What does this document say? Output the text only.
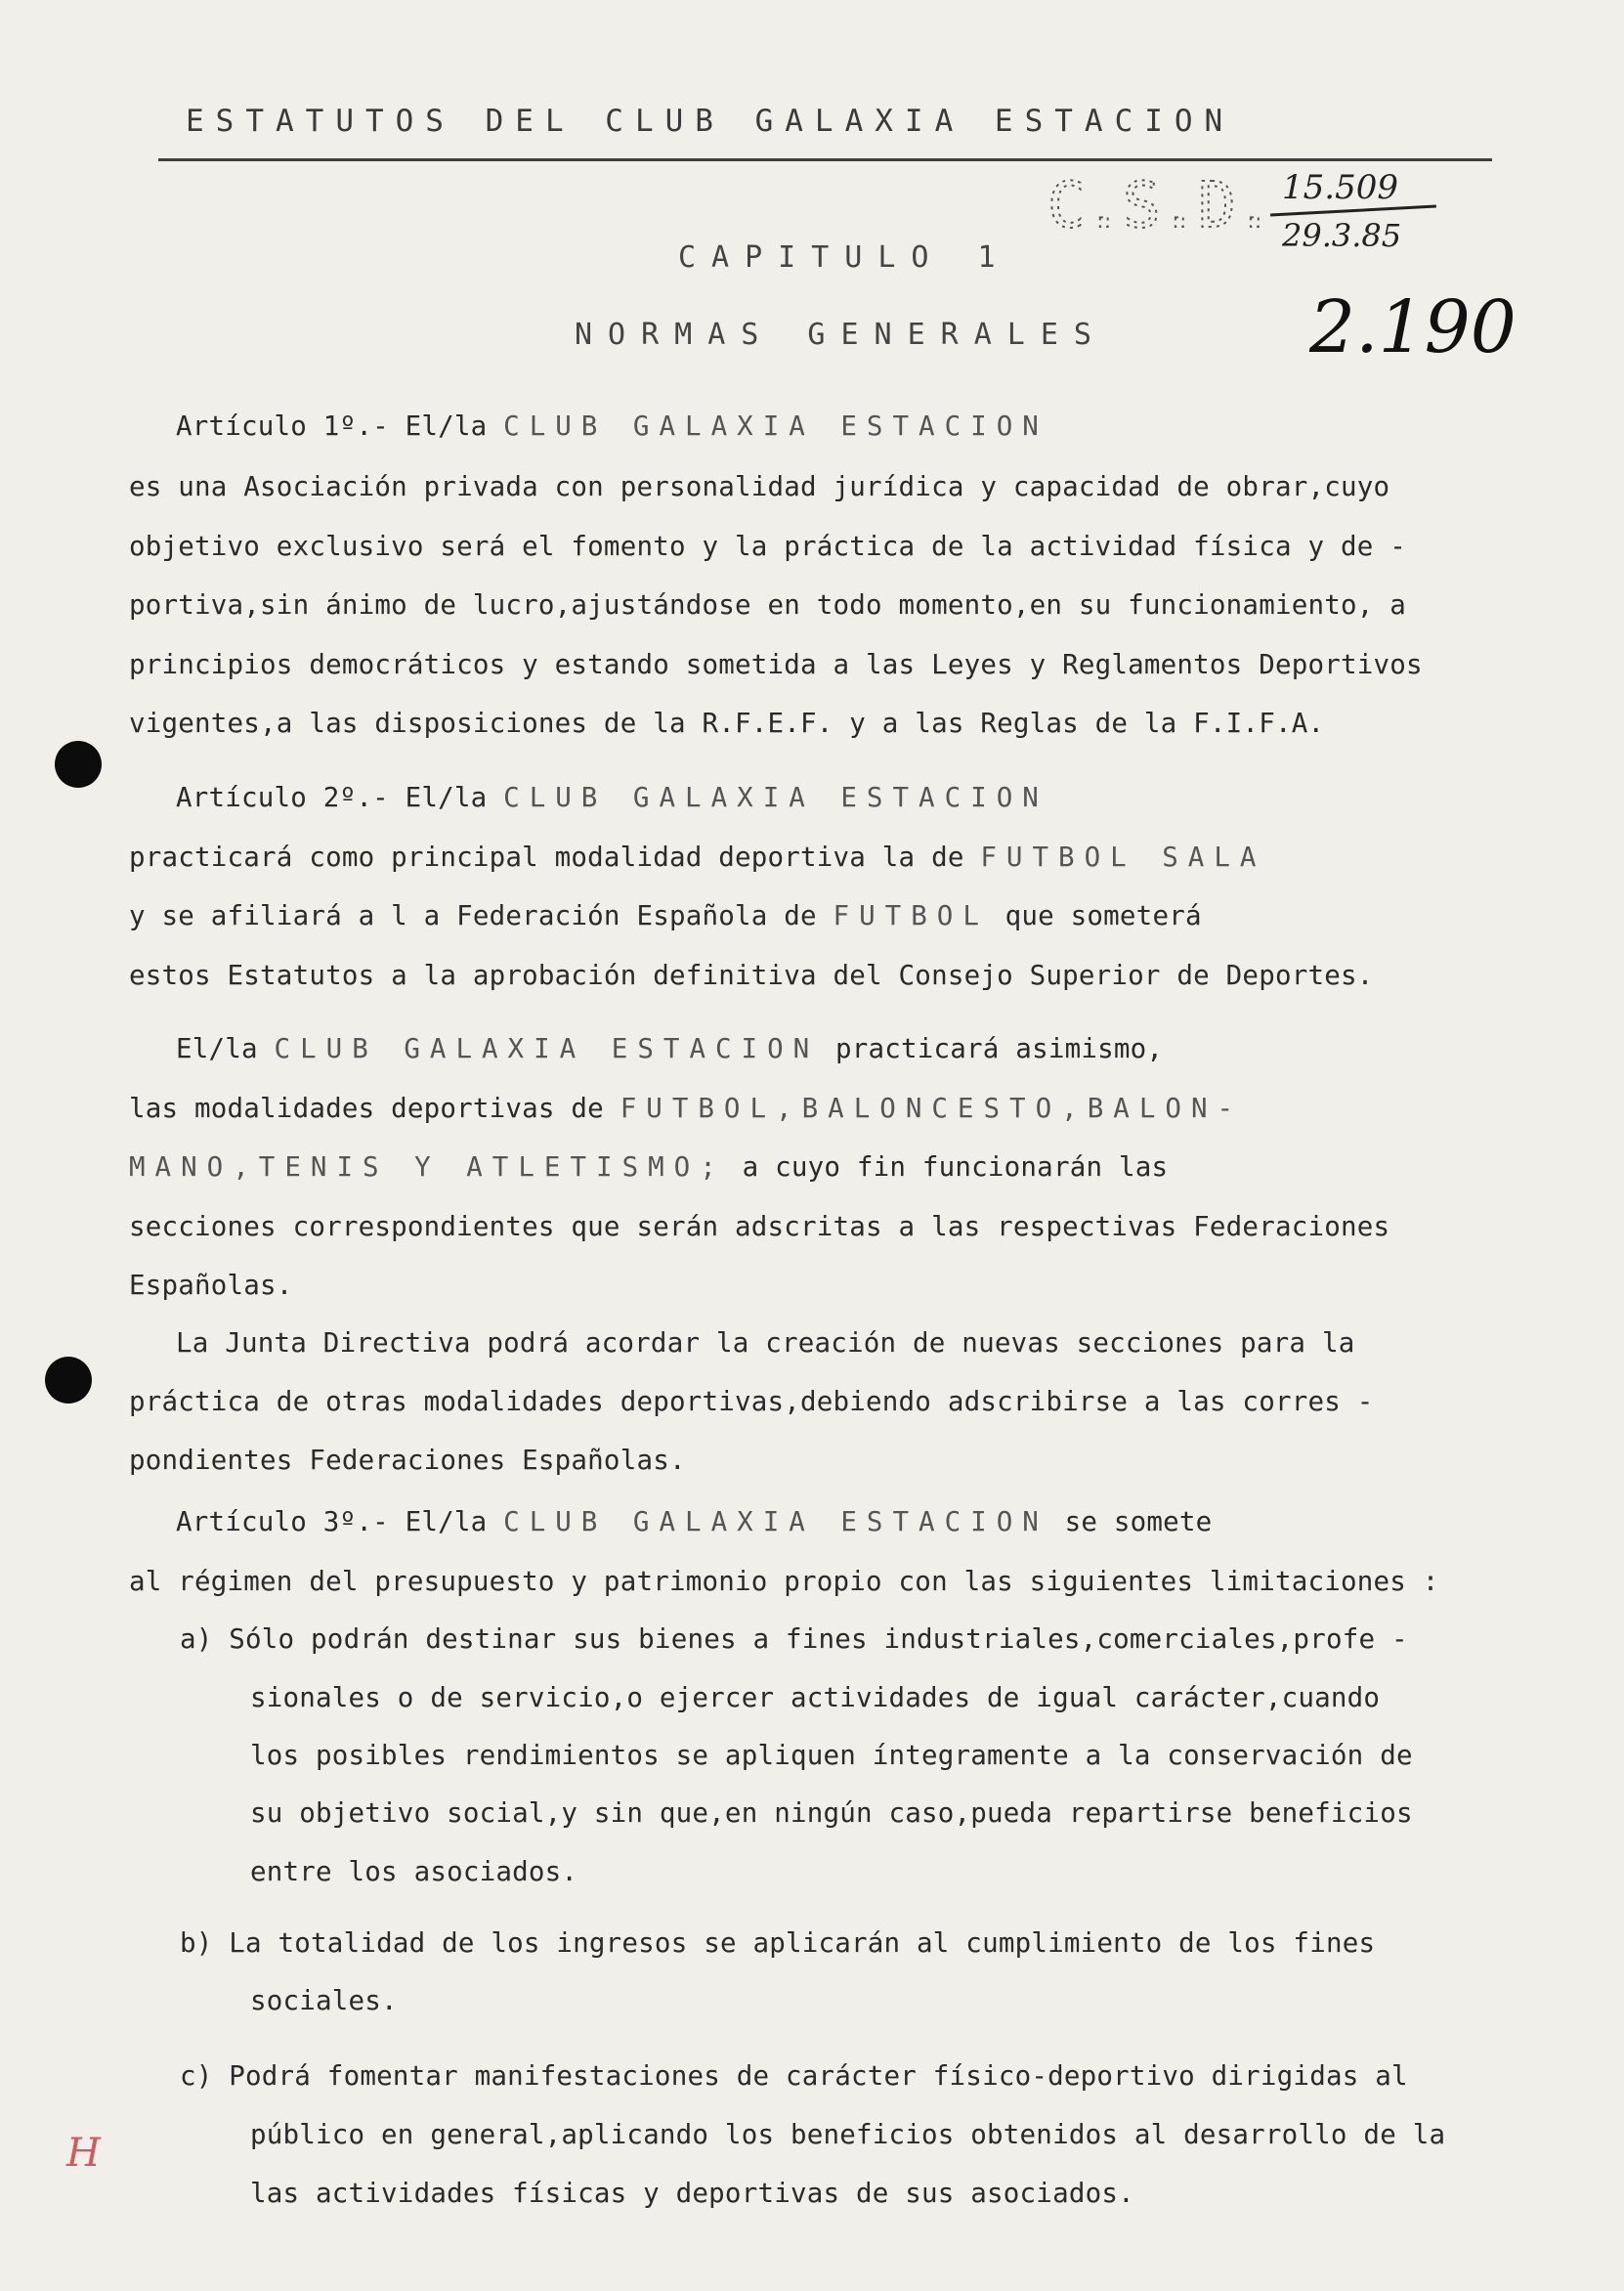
ESTATUTOS DEL CLUB GALAXIA ESTACION
C.S.D. 15.509
29.3.85
2.190
CAPITULO 1
NORMAS GENERALES
Artículo 1º.- El/la CLUB GALAXIA ESTACION
es una Asociación privada con personalidad jurídica y capacidad de obrar,cuyo
objetivo exclusivo será el fomento y la práctica de la actividad física y de -
portiva,sin ánimo de lucro,ajustándose en todo momento,en su funcionamiento, a
principios democráticos y estando sometida a las Leyes y Reglamentos Deportivos
vigentes,a las disposiciones de la R.F.E.F. y a las Reglas de la F.I.F.A.
Artículo 2º.- El/la CLUB GALAXIA ESTACION
practicará como principal modalidad deportiva la de FUTBOL SALA
y se afiliará a l a Federación Española de FUTBOL que someterá
estos Estatutos a la aprobación definitiva del Consejo Superior de Deportes.
El/la CLUB GALAXIA ESTACION practicará asimismo,
las modalidades deportivas de FUTBOL,BALONCESTO,BALON-
MANO,TENIS Y ATLETISMO; a cuyo fin funcionarán las
secciones correspondientes que serán adscritas a las respectivas Federaciones
Españolas.
La Junta Directiva podrá acordar la creación de nuevas secciones para la
práctica de otras modalidades deportivas,debiendo adscribirse a las corres -
pondientes Federaciones Españolas.
Artículo 3º.- El/la CLUB GALAXIA ESTACION se somete
al régimen del presupuesto y patrimonio propio con las siguientes limitaciones :
a) Sólo podrán destinar sus bienes a fines industriales,comerciales,profe -
sionales o de servicio,o ejercer actividades de igual carácter,cuando
los posibles rendimientos se apliquen íntegramente a la conservación de
su objetivo social,y sin que,en ningún caso,pueda repartirse beneficios
entre los asociados.
b) La totalidad de los ingresos se aplicarán al cumplimiento de los fines
sociales.
c) Podrá fomentar manifestaciones de carácter físico-deportivo dirigidas al
público en general,aplicando los beneficios obtenidos al desarrollo de la
las actividades físicas y deportivas de sus asociados.
H
